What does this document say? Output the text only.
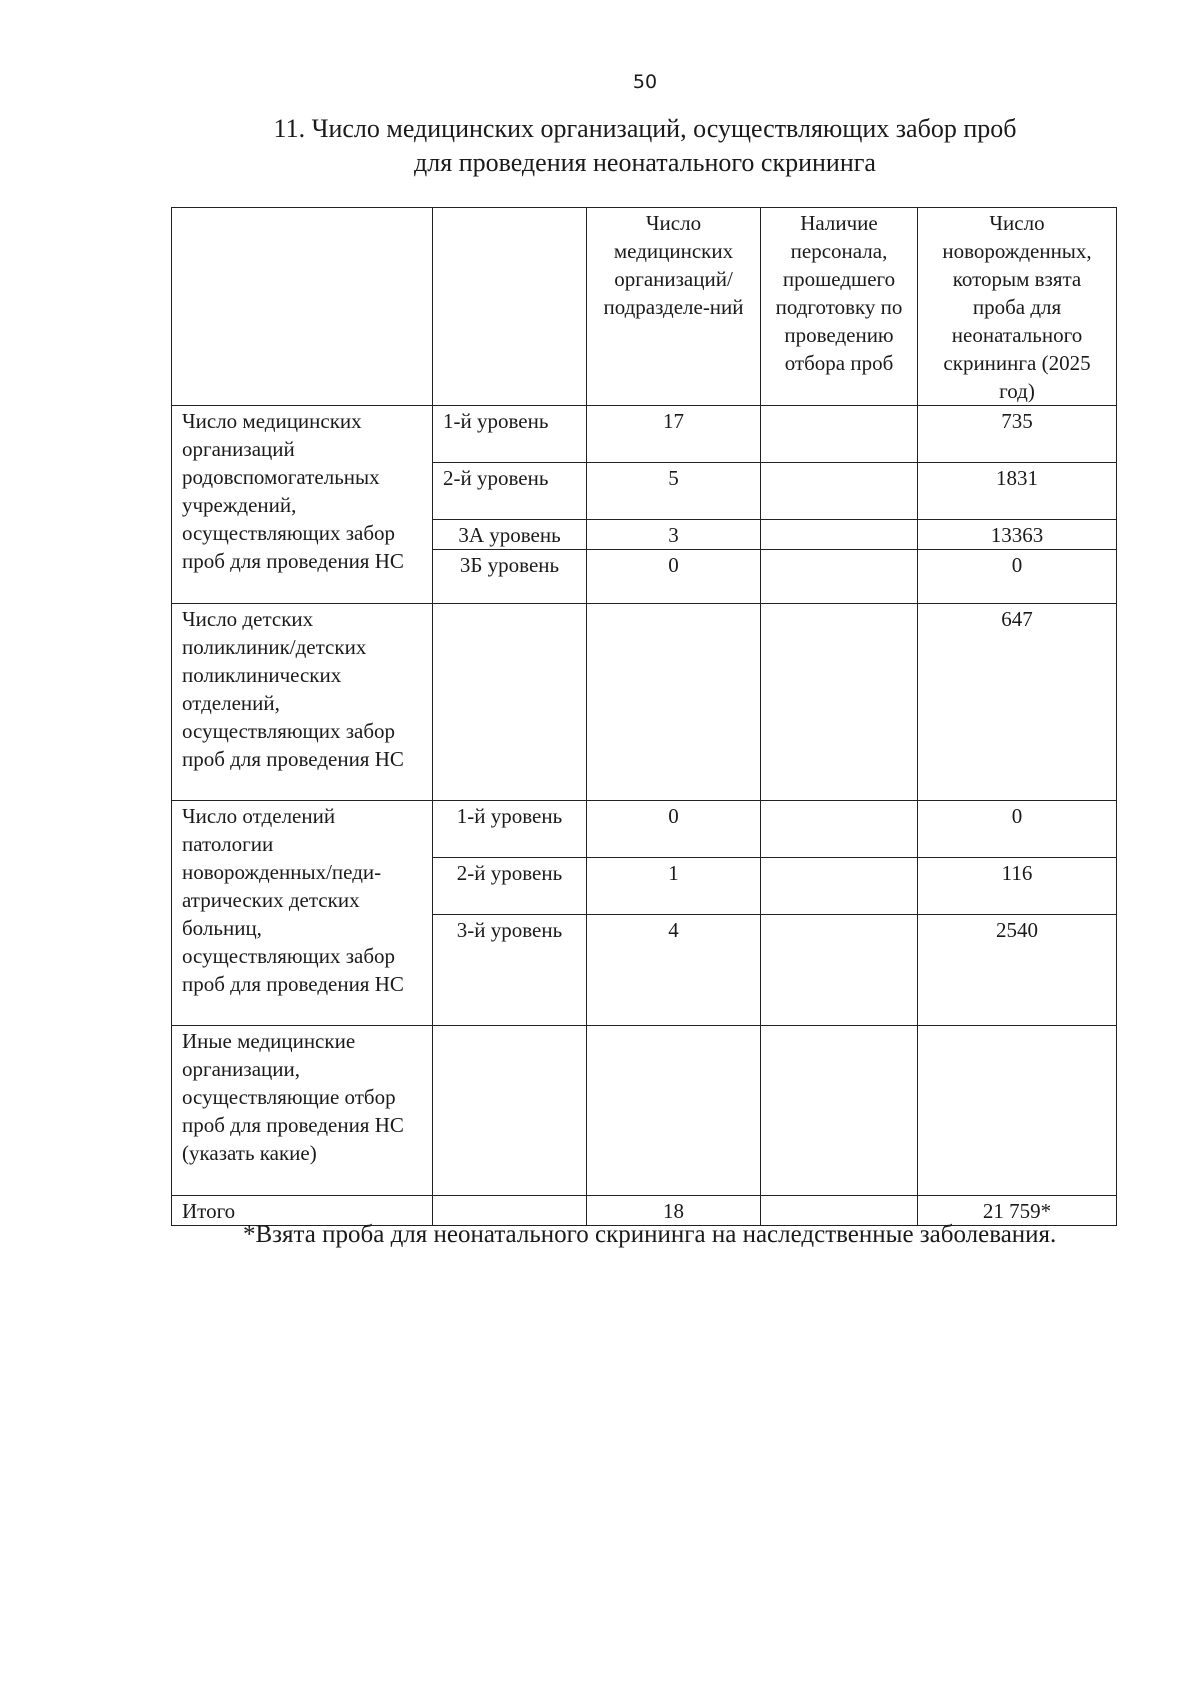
50
11. Число медицинских организаций, осуществляющих забор проб
для проведения неонатального скрининга
		Число медицинских организаций/ подразделе-ний	Наличие персонала, прошедшего подготовку по проведению отбора проб	Число новорожденных, которым взята проба для неонатального скрининга (2025 год)
Число медицинских организаций родовспомогательных учреждений, осуществляющих забор проб для проведения НС	1-й уровень	17		735
	2-й уровень	5		1831
	3А уровень	3		13363
	3Б уровень	0		0
Число детских поликлиник/детских поликлинических отделений, осуществляющих забор проб для проведения НС				647
Число отделений патологии новорожденных/педи-атрических детских больниц, осуществляющих забор проб для проведения НС	1-й уровень	0		0
	2-й уровень	1		116
	3-й уровень	4		2540
Иные медицинские организации, осуществляющие отбор проб для проведения НС (указать какие)				
Итого		18		21 759*
*Взята проба для неонатального скрининга на наследственные заболевания.
